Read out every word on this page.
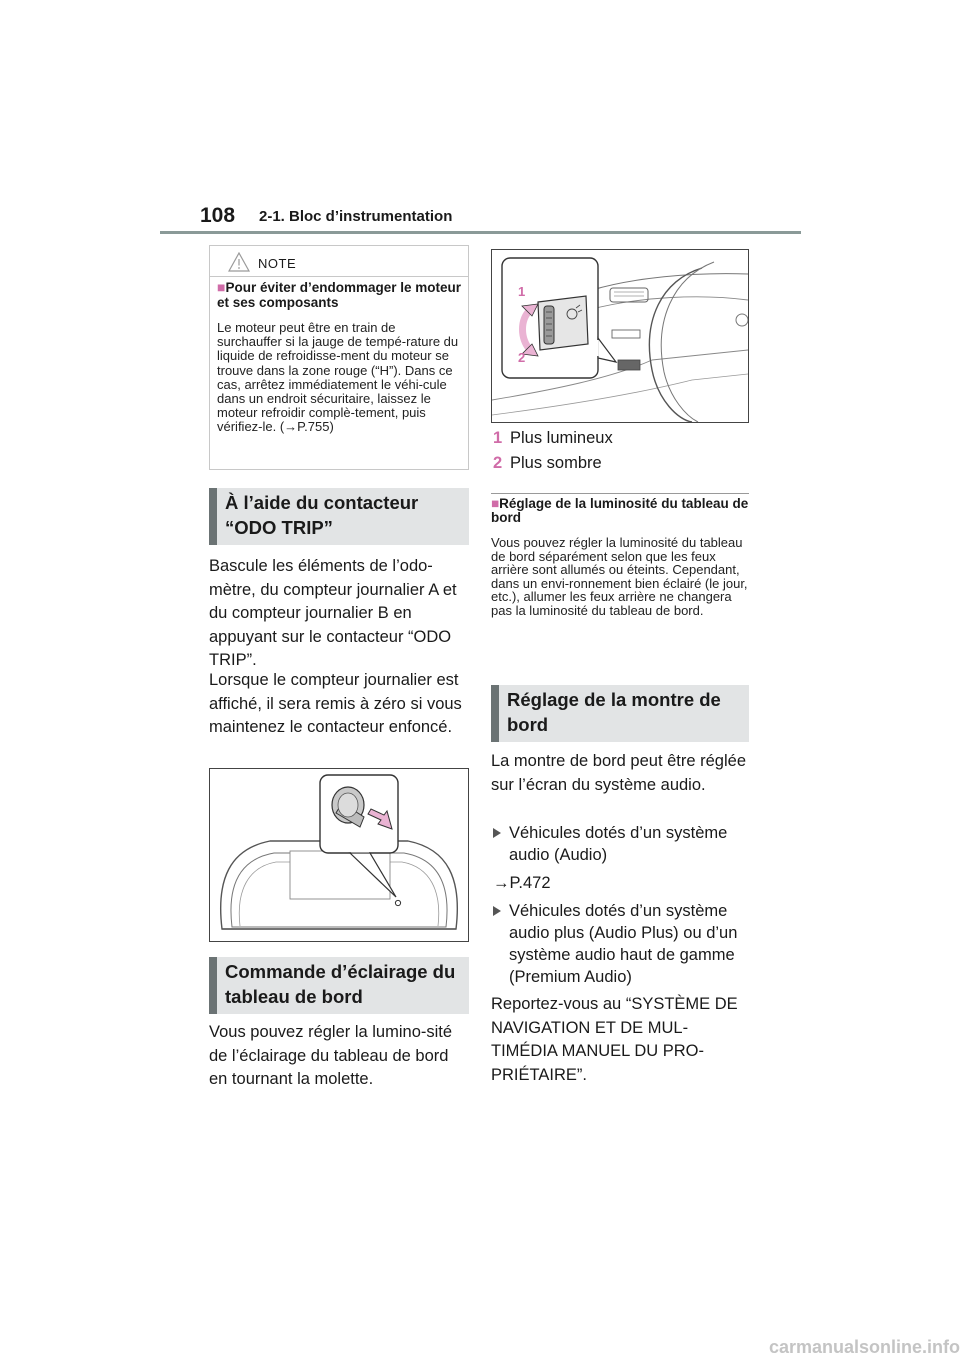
108 2-1. Bloc d’instrumentation
NOTE
■Pour éviter d’endommager le moteur et ses composants
Le moteur peut être en train de surchauffer si la jauge de tempé-rature du liquide de refroidisse-ment du moteur se trouve dans la zone rouge (“H”). Dans ce cas, arrêtez immédiatement le véhi-cule dans un endroit sécuritaire, laissez le moteur refroidir complè-tement, puis vérifiez-le. (→P.755)
À l’aide du contacteur “ODO TRIP”
Bascule les éléments de l’odo-mètre, du compteur journalier A et du compteur journalier B en appuyant sur le contacteur “ODO TRIP”.
Lorsque le compteur journalier est affiché, il sera remis à zéro si vous maintenez le contacteur enfoncé.
Commande d’éclairage du tableau de bord
Vous pouvez régler la lumino-sité de l’éclairage du tableau de bord en tournant la molette.
1
2
1 Plus lumineux
2 Plus sombre
■Réglage de la luminosité du tableau de bord
Vous pouvez régler la luminosité du tableau de bord séparément selon que les feux arrière sont allumés ou éteints. Cependant, dans un envi-ronnement bien éclairé (le jour, etc.), allumer les feux arrière ne changera pas la luminosité du tableau de bord.
Réglage de la montre de bord
La montre de bord peut être réglée sur l’écran du système audio.
Véhicules dotés d’un système audio (Audio)
→P.472
Véhicules dotés d’un système audio plus (Audio Plus) ou d’un système audio haut de gamme (Premium Audio)
Reportez-vous au “SYSTÈME DE NAVIGATION ET DE MUL-TIMÉDIA MANUEL DU PRO-PRIÉTAIRE”.
carmanualsonline.info
